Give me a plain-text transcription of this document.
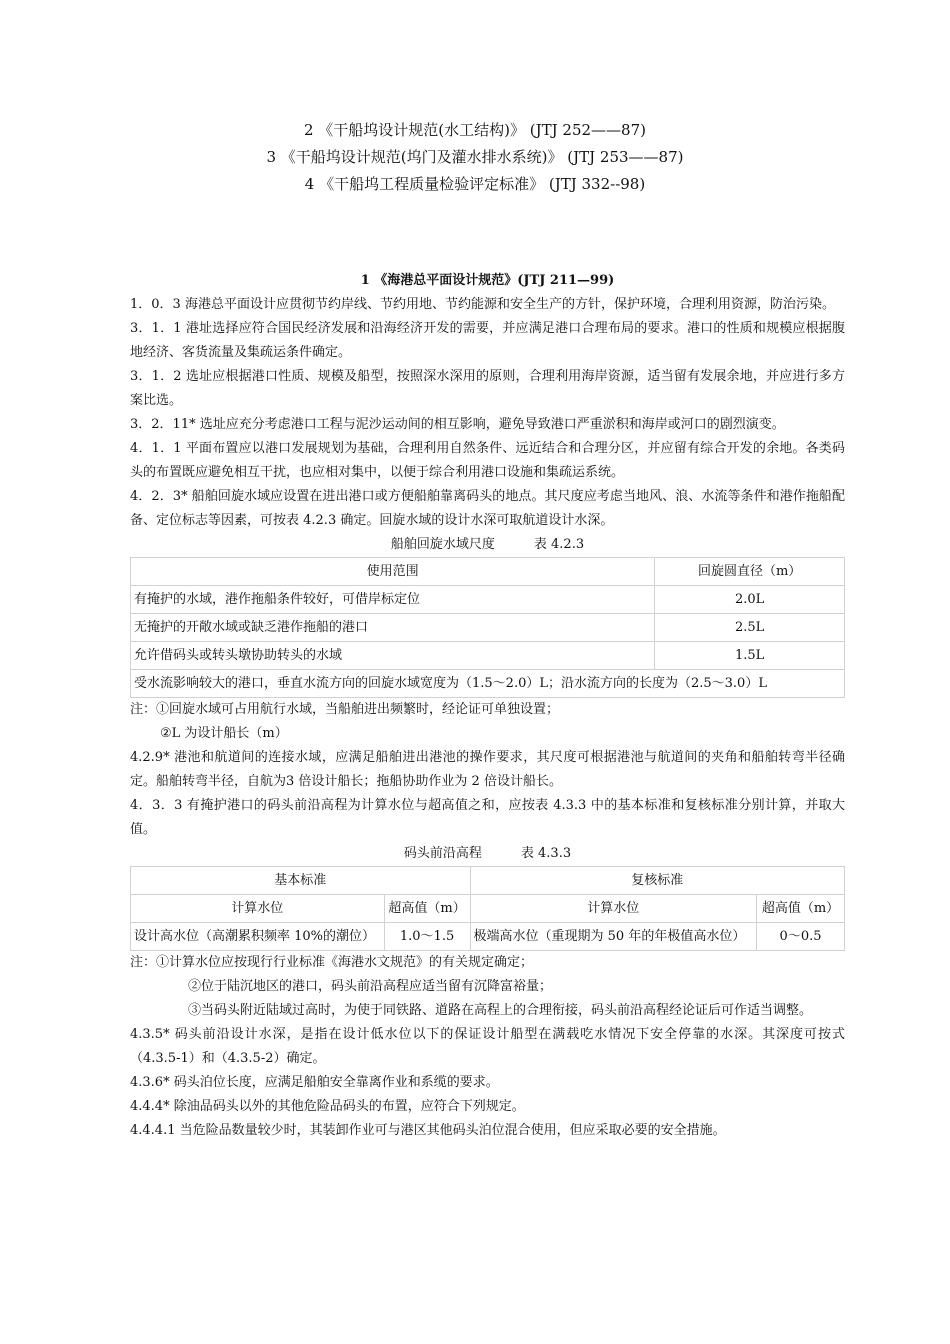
2 《干船坞设计规范(水工结构)》 (JTJ 252——87)
3 《干船坞设计规范(坞门及灌水排水系统)》 (JTJ 253——87)
4 《干船坞工程质量检验评定标准》 (JTJ 332--98)
1 《海港总平面设计规范》(JTJ 211—99)

1．0．3 海港总平面设计应贯彻节约岸线、节约用地、节约能源和安全生产的方针，保护环境，合理利用资源，防治污染。

3．1．1 港址选择应符合国民经济发展和沿海经济开发的需要，并应满足港口合理布局的要求。港口的性质和规模应根据腹地经济、客货流量及集疏运条件确定。

3．1．2 选址应根据港口性质、规模及船型，按照深水深用的原则，合理利用海岸资源，适当留有发展余地，并应进行多方案比选。

3．2．11* 选址应充分考虑港口工程与泥沙运动间的相互影响，避免导致港口严重淤积和海岸或河口的剧烈演变。

4．1．1 平面布置应以港口发展规划为基础，合理利用自然条件、远近结合和合理分区，并应留有综合开发的余地。各类码头的布置既应避免相互干扰，也应相对集中，以便于综合利用港口设施和集疏运系统。

4．2．3* 船舶回旋水域应设置在进出港口或方便船舶靠离码头的地点。其尺度应考虑当地风、浪、水流等条件和港作拖船配备、定位标志等因素，可按表 4.2.3 确定。回旋水域的设计水深可取航道设计水深。

船舶回旋水域尺度　　　表 4.2.3
使用范围	回旋圆直径（m）
有掩护的水域，港作拖船条件较好，可借岸标定位	2.0L
无掩护的开敞水域或缺乏港作拖船的港口	2.5L
允许借码头或转头墩协助转头的水域	1.5L
受水流影响较大的港口，垂直水流方向的回旋水域宽度为（1.5～2.0）L；沿水流方向的长度为（2.5～3.0）L	
注：①回旋水域可占用航行水域，当船舶进出频繁时，经论证可单独设置；
②L 为设计船长（m）

4.2.9* 港池和航道间的连接水域，应满足船舶进出港池的操作要求，其尺度可根据港池与航道间的夹角和船舶转弯半径确定。船舶转弯半径，自航为3 倍设计船长；拖船协助作业为 2 倍设计船长。

4．3．3 有掩护港口的码头前沿高程为计算水位与超高值之和，应按表 4.3.3 中的基本标准和复核标准分别计算，并取大值。

码头前沿高程　　　表 4.3.3
基本标准		复核标准	
计算水位	超高值（m）	计算水位	超高值（m）
设计高水位（高潮累积频率 10%的潮位）	1.0～1.5	极端高水位（重现期为 50 年的年极值高水位）	0～0.5
注：①计算水位应按现行行业标准《海港水文规范》的有关规定确定；
②位于陆沉地区的港口，码头前沿高程应适当留有沉降富裕量；
③当码头附近陆域过高时，为使于同铁路、道路在高程上的合理衔接，码头前沿高程经论证后可作适当调整。

4.3.5* 码头前沿设计水深，是指在设计低水位以下的保证设计船型在满载吃水情况下安全停靠的水深。其深度可按式（4.3.5-1）和（4.3.5-2）确定。

4.3.6* 码头泊位长度，应满足船舶安全靠离作业和系缆的要求。

4.4.4* 除油品码头以外的其他危险品码头的布置，应符合下列规定。

4.4.4.1 当危险品数量较少时，其装卸作业可与港区其他码头泊位混合使用，但应采取必要的安全措施。
